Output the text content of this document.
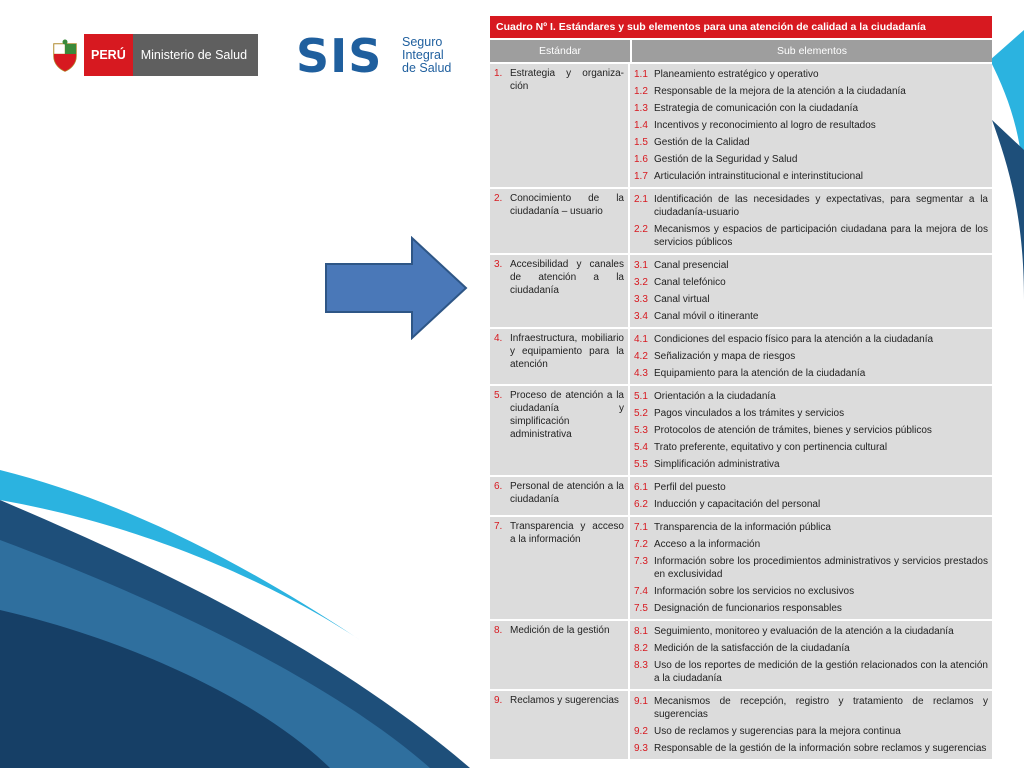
PERÚ	Ministerio de Salud SIS Seguro
Integral
de Salud
Cuadro Nº I. Estándares y sub elementos para una atención de calidad a la ciudadanía
Estándar	Sub elementos
1. Estrategia y organiza-ción
1.1 Planeamiento estratégico y operativo
1.2 Responsable de la mejora de la atención a la ciudadanía
1.3 Estrategia de comunicación con la ciudadanía
1.4 Incentivos y reconocimiento al logro de resultados
1.5 Gestión de la Calidad
1.6 Gestión de la Seguridad y Salud
1.7 Articulación intrainstitucional e interinstitucional
2. Conocimiento de la ciudadanía – usuario
2.1 Identificación de las necesidades y expectativas, para segmentar a la ciudadanía-usuario
2.2 Mecanismos y espacios de participación ciudadana para la mejora de los servicios públicos
3. Accesibilidad y canales de atención a la ciudadanía
3.1 Canal presencial
3.2 Canal telefónico
3.3 Canal virtual
3.4 Canal móvil o itinerante
4. Infraestructura, mobiliario y equipamiento para la atención
4.1 Condiciones del espacio físico para la atención a la ciudadanía
4.2 Señalización y mapa de riesgos
4.3 Equipamiento para la atención de la ciudadanía
5. Proceso de atención a la ciudadanía y simplificación administrativa
5.1 Orientación a la ciudadanía
5.2 Pagos vinculados a los trámites y servicios
5.3 Protocolos de atención de trámites, bienes y servicios públicos
5.4 Trato preferente, equitativo y con pertinencia cultural
5.5 Simplificación administrativa
6. Personal de atención a la ciudadanía
6.1 Perfil del puesto
6.2 Inducción y capacitación del personal
7. Transparencia y acceso a la información
7.1 Transparencia de la información pública
7.2 Acceso a la información
7.3 Información sobre los procedimientos administrativos y servicios prestados en exclusividad
7.4 Información sobre los servicios no exclusivos
7.5 Designación de funcionarios responsables
8. Medición de la gestión	8.1 Seguimiento, monitoreo y evaluación de la atención a la ciudadanía
8.2 Medición de la satisfacción de la ciudadanía
8.3 Uso de los reportes de medición de la gestión relacionados con la atención a la ciudadanía
9. Reclamos y sugerencias	9.1 Mecanismos de recepción, registro y tratamiento de reclamos y sugerencias
9.2 Uso de reclamos y sugerencias para la mejora continua
9.3 Responsable de la gestión de la información sobre reclamos y sugerencias
